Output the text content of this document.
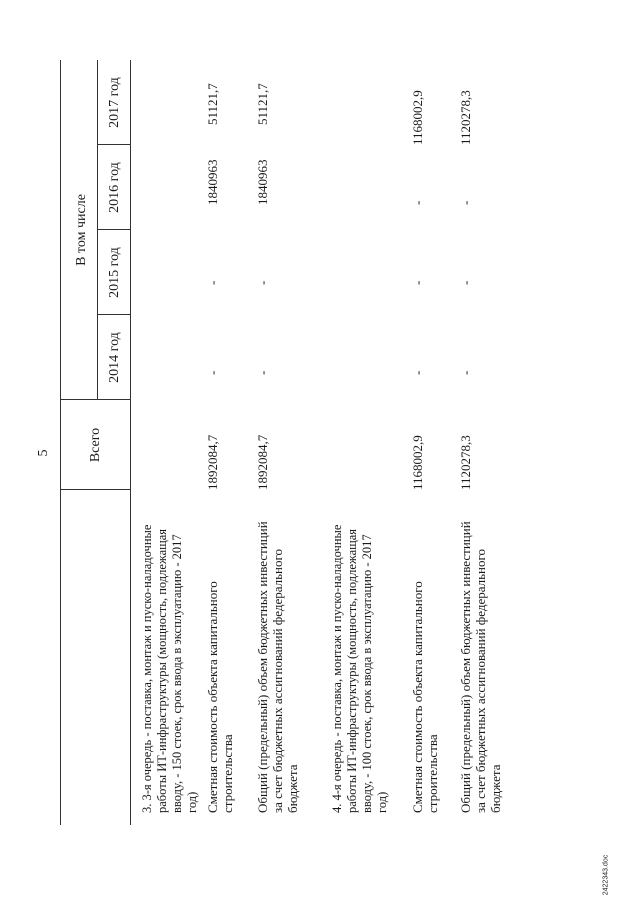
5	Всего
В том числе
2014 год
2015 год
2016 год
2017 год
3. 3-я очередь - поставка, монтаж и пуско-наладочные работы ИТ-инфраструктуры (мощность, подлежащая вводу, - 150 стоек, срок ввода в эксплуатацию - 2017 год) Сметная стоимость объекта капитального строительства
1892084,7
-
-
1840963
51121,7
Общий (предельный) объем бюджетных инвестиций за счет бюджетных ассигнований федерального бюджета
1892084,7
-
-
1840963
51121,7
4. 4-я очередь - поставка, монтаж и пуско-наладочные работы ИТ-инфраструктуры (мощность, подлежащая вводу, - 100 стоек, срок ввода в эксплуатацию - 2017 год) Сметная стоимость объекта капитального строительства
1168002,9
-
-
-
1168002,9
Общий (предельный) объем бюджетных инвестиций за счет бюджетных ассигнований федерального бюджета
1120278,3
-
-
-
1120278,3
2422343.doc
